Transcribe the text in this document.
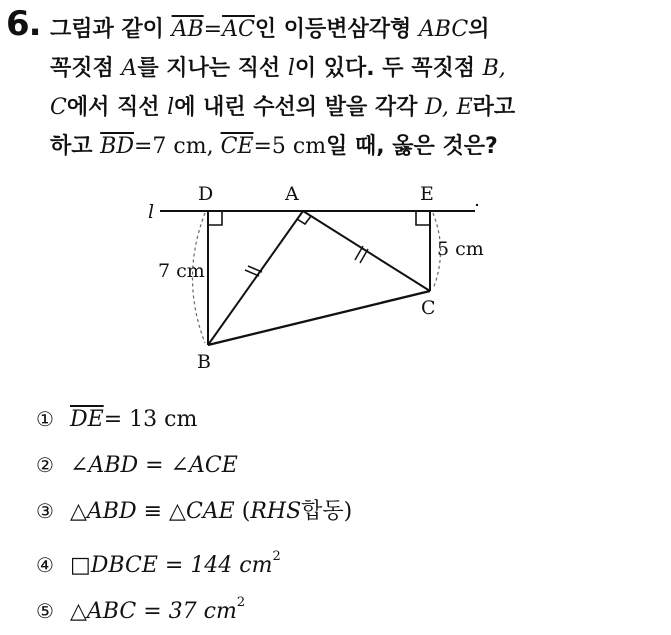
6. 그림과 같이 $\overline{AB}=\overline{AC}$인 이등변삼각형 ABC의
꼭짓점 A를 지나는 직선 l이 있다. 두 꼭짓점 B,
C에서 직선 l에 내린 수선의 발을 각각 D, E라고
하고 $\overline{BD}=7$ cm, $\overline{CE}=5$ cm일 때, 옳은 것은?
l
D	A	E
B
C
7 cm
5 cm
① $\overline{DE}= 13$ cm
② ∠ABD = ∠ACE
③ △ABD ≡ △CAE (RHS합동)
④ □DBCE = 144 $cm^2$
⑤ △ABC = 37 $cm^2$
